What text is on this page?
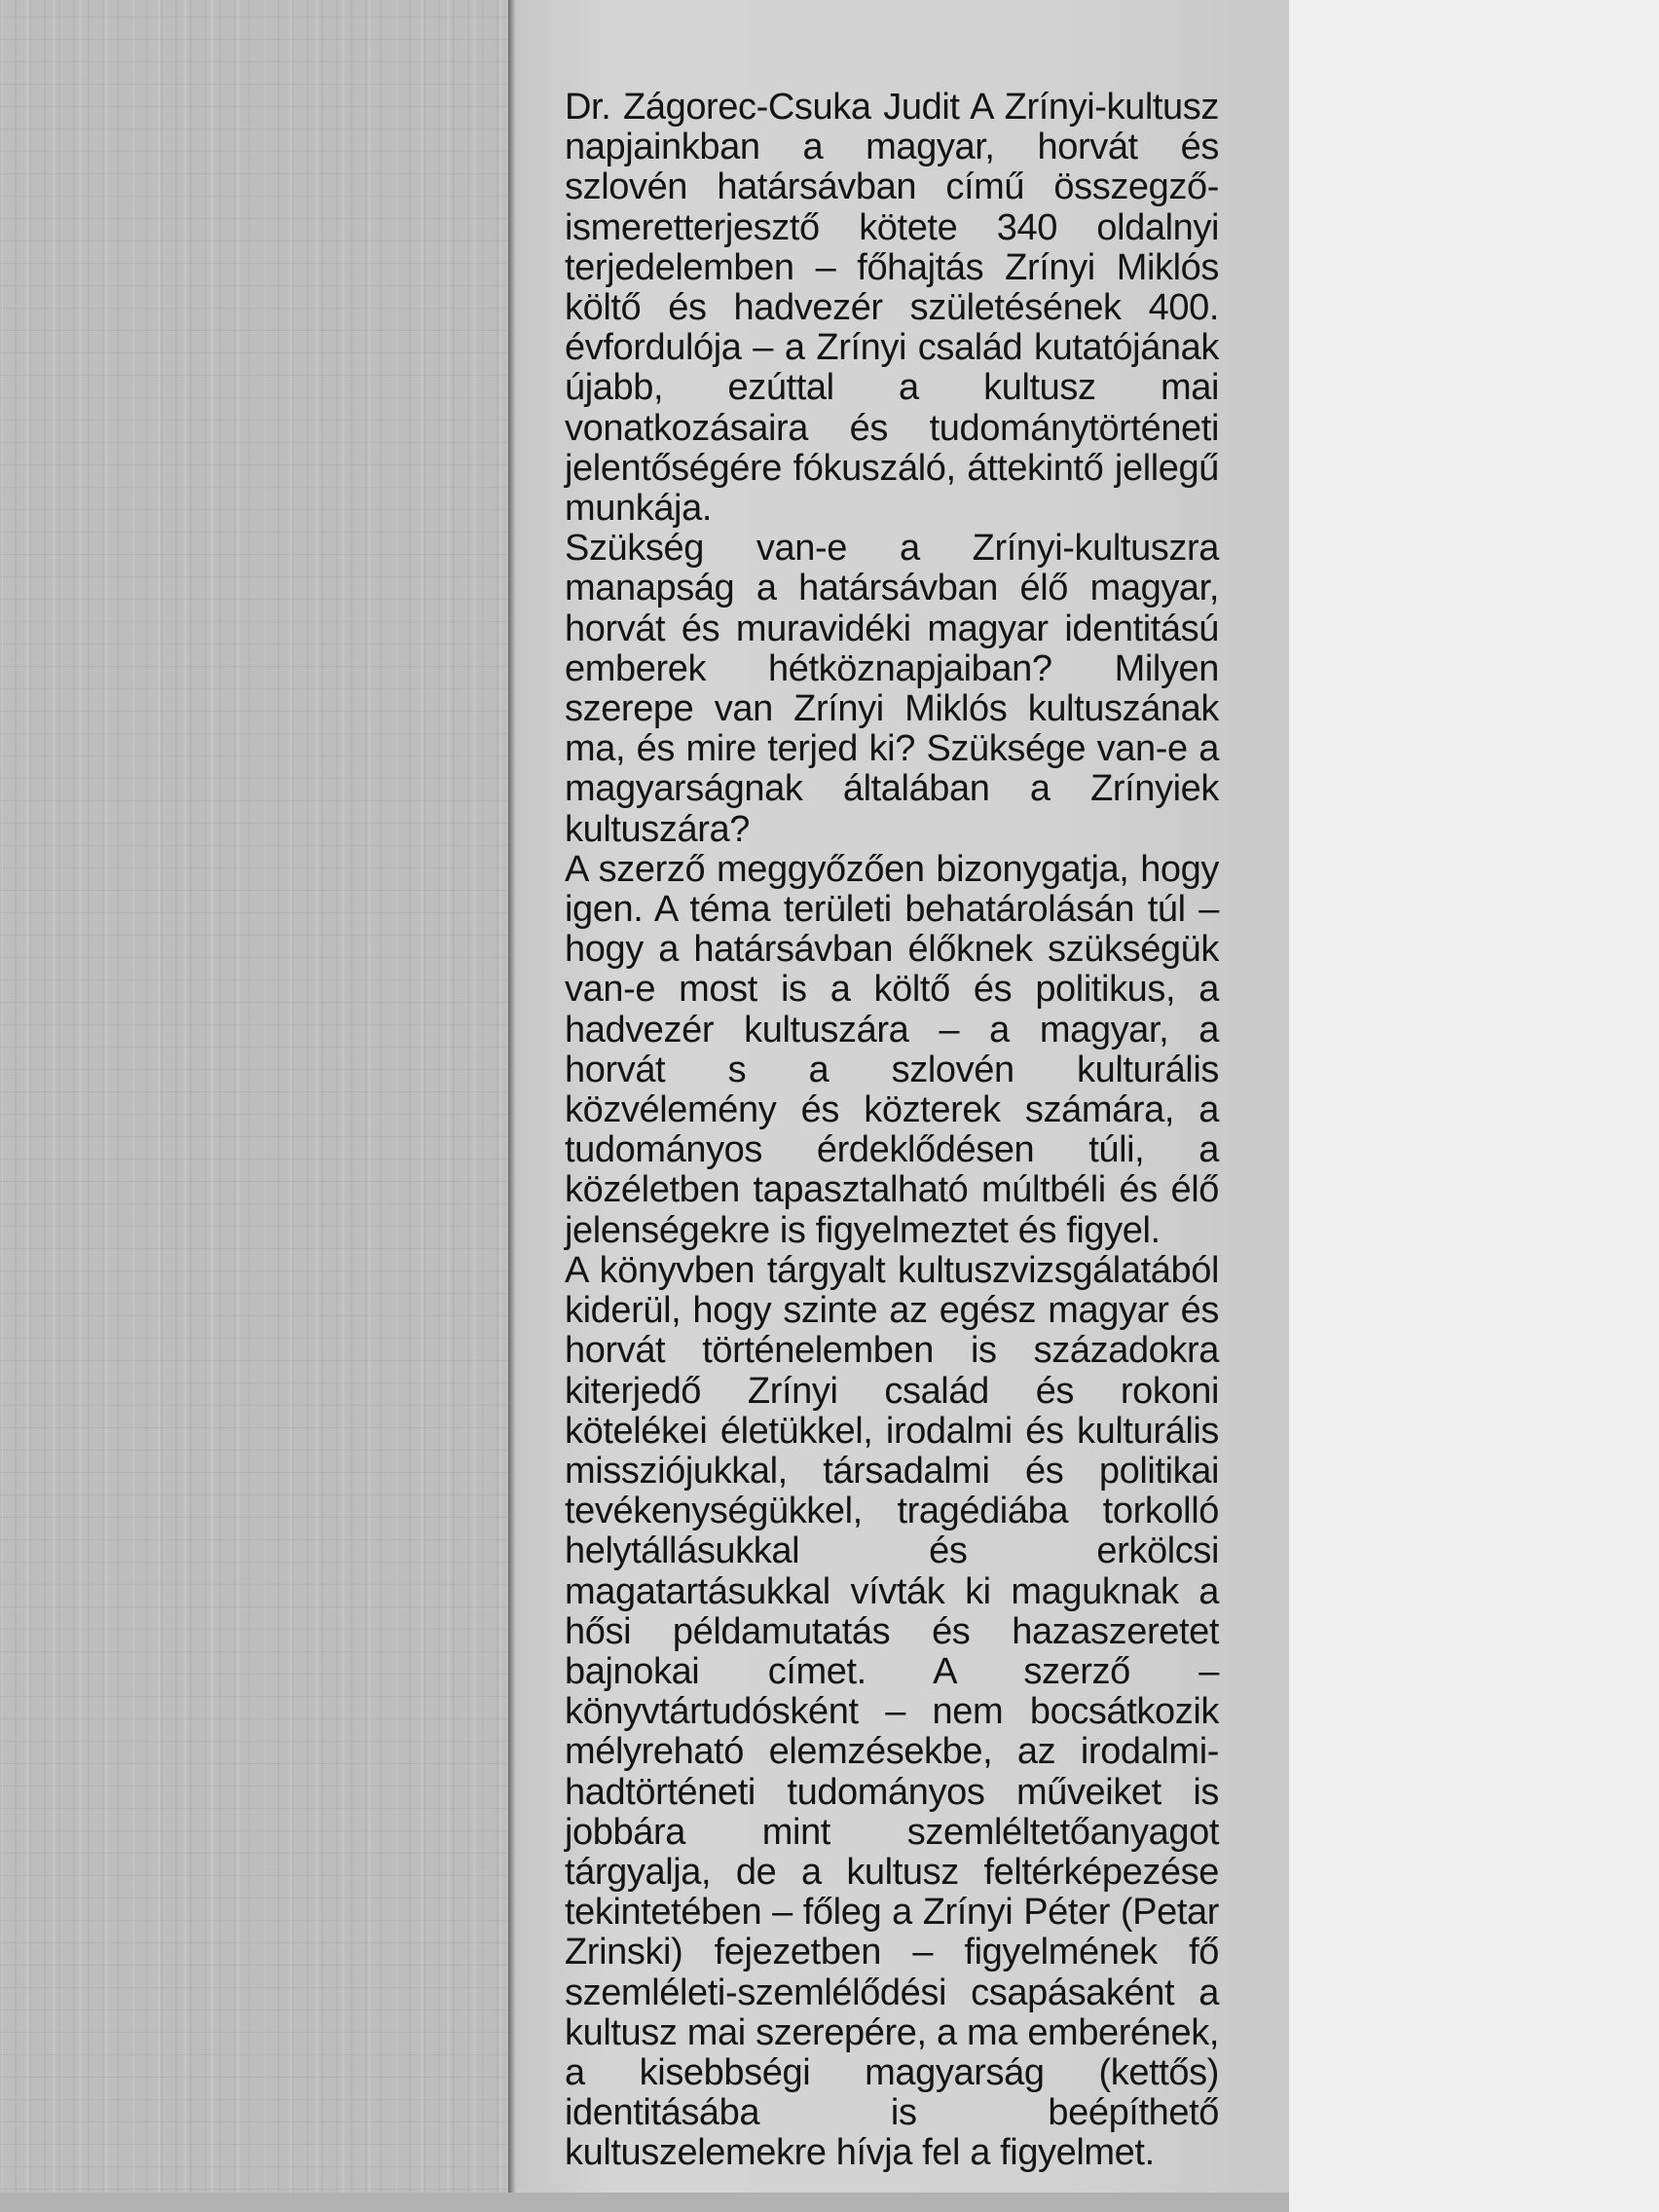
Dr. Zágorec-Csuka Judit A Zrínyi-kultusz napjainkban a magyar, horvát és szlovén határsávban című összegző-ismeretterjesztő kötete 340 oldalnyi terjedelemben – főhajtás Zrínyi Miklós költő és hadvezér születésének 400. évfordulója – a Zrínyi család kutatójának újabb, ezúttal a kultusz mai vonatkozásaira és tudománytörténeti jelentőségére fókuszáló, áttekintő jellegű munkája.

Szükség van-e a Zrínyi-kultuszra manapság a határsávban élő magyar, horvát és muravidéki magyar identitású emberek hétköznapjaiban? Milyen szerepe van Zrínyi Miklós kultuszának ma, és mire terjed ki? Szüksége van-e a magyarságnak általában a Zrínyiek kultuszára?

A szerző meggyőzően bizonygatja, hogy igen. A téma területi behatárolásán túl – hogy a határsávban élőknek szükségük van-e most is a költő és politikus, a hadvezér kultuszára – a magyar, a horvát s a szlovén kulturális közvélemény és közterek számára, a tudományos érdeklődésen túli, a közéletben tapasztalható múltbéli és élő jelenségekre is figyelmeztet és figyel.

A könyvben tárgyalt kultuszvizsgálatából kiderül, hogy szinte az egész magyar és horvát történelemben is századokra kiterjedő Zrínyi család és rokoni kötelékei életükkel, irodalmi és kulturális missziójukkal, társadalmi és politikai tevékenységükkel, tragédiába torkolló helytállásukkal és erkölcsi magatartásukkal vívták ki maguknak a hősi példamutatás és hazaszeretet bajnokai címet. A szerző – könyvtártudósként – nem bocsátkozik mélyreható elemzésekbe, az irodalmi-hadtörténeti tudományos műveiket is jobbára mint szemléltetőanyagot tárgyalja, de a kultusz feltérképezése tekintetében – főleg a Zrínyi Péter (Petar Zrinski) fejezetben – figyelmének fő szemléleti-szemlélődési csapásaként a kultusz mai szerepére, a ma emberének, a kisebbségi magyarság (kettős) identitásába is beépíthető kultuszelemekre hívja fel a figyelmet.
